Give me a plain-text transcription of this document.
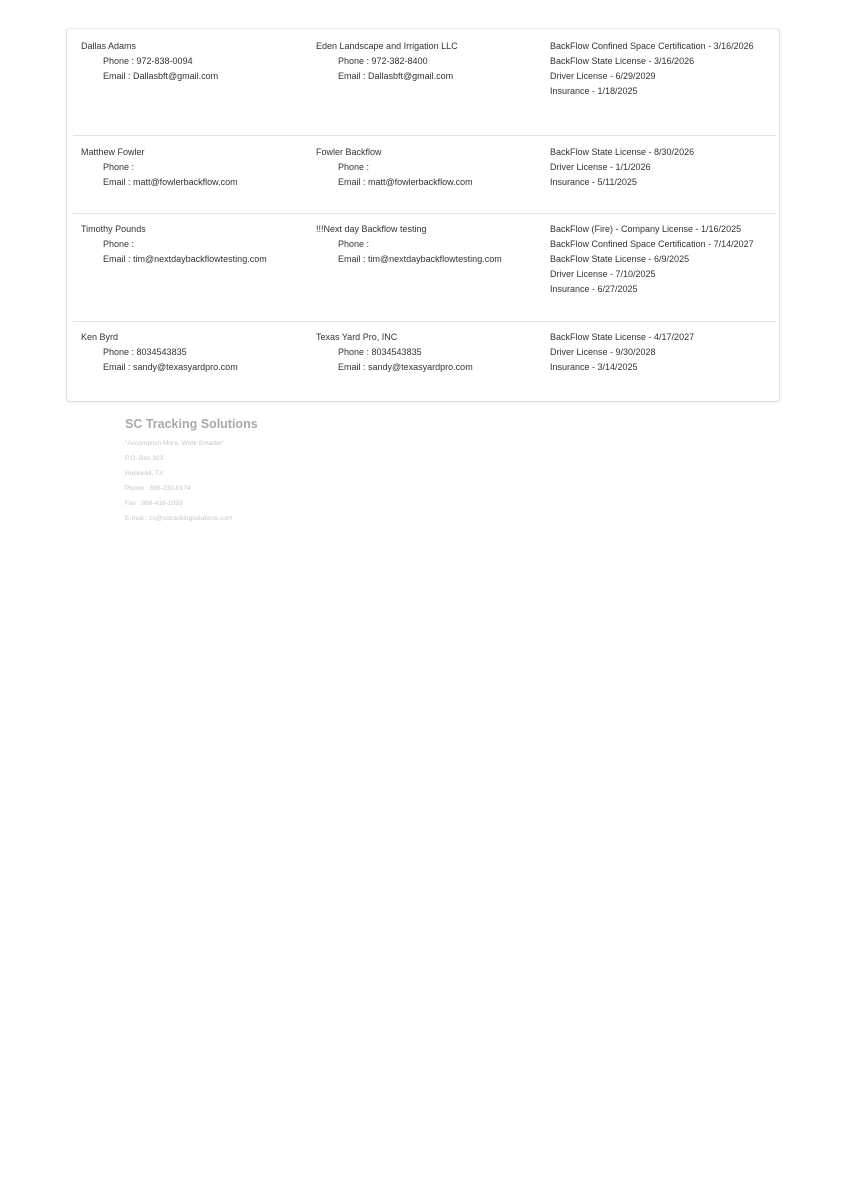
Dallas Adams
Phone : 972-838-0094
Email : Dallasbft@gmail.com
Eden Landscape and Irrigation LLC
Phone : 972-382-8400
Email : Dallasbft@gmail.com
BackFlow Confined Space Certification - 3/16/2026
BackFlow State License - 3/16/2026
Driver License - 6/29/2029
Insurance - 1/18/2025
Matthew Fowler
Phone :
Email : matt@fowlerbackflow.com
Fowler Backflow
Phone :
Email : matt@fowlerbackflow.com
BackFlow State License - 8/30/2026
Driver License - 1/1/2026
Insurance - 5/11/2025
Timothy Pounds
Phone :
Email : tim@nextdaybackflowtesting.com
!!!Next day Backflow testing
Phone :
Email : tim@nextdaybackflowtesting.com
BackFlow (Fire) - Company License - 1/16/2025
BackFlow Confined Space Certification - 7/14/2027
BackFlow State License - 6/9/2025
Driver License - 7/10/2025
Insurance - 6/27/2025
Ken Byrd
Phone : 8034543835
Email : sandy@texasyardpro.com
Texas Yard Pro, INC
Phone : 8034543835
Email : sandy@texasyardpro.com
BackFlow State License - 4/17/2027
Driver License - 9/30/2028
Insurance - 3/14/2025
SC Tracking Solutions
"Accomplish More, Work Smarter"
P.O. Box 323
Rockwall, TX
Phone : 888-232-0174
Fax : 866-416-1093
E-mail : cs@sctrackingsolutions.com
